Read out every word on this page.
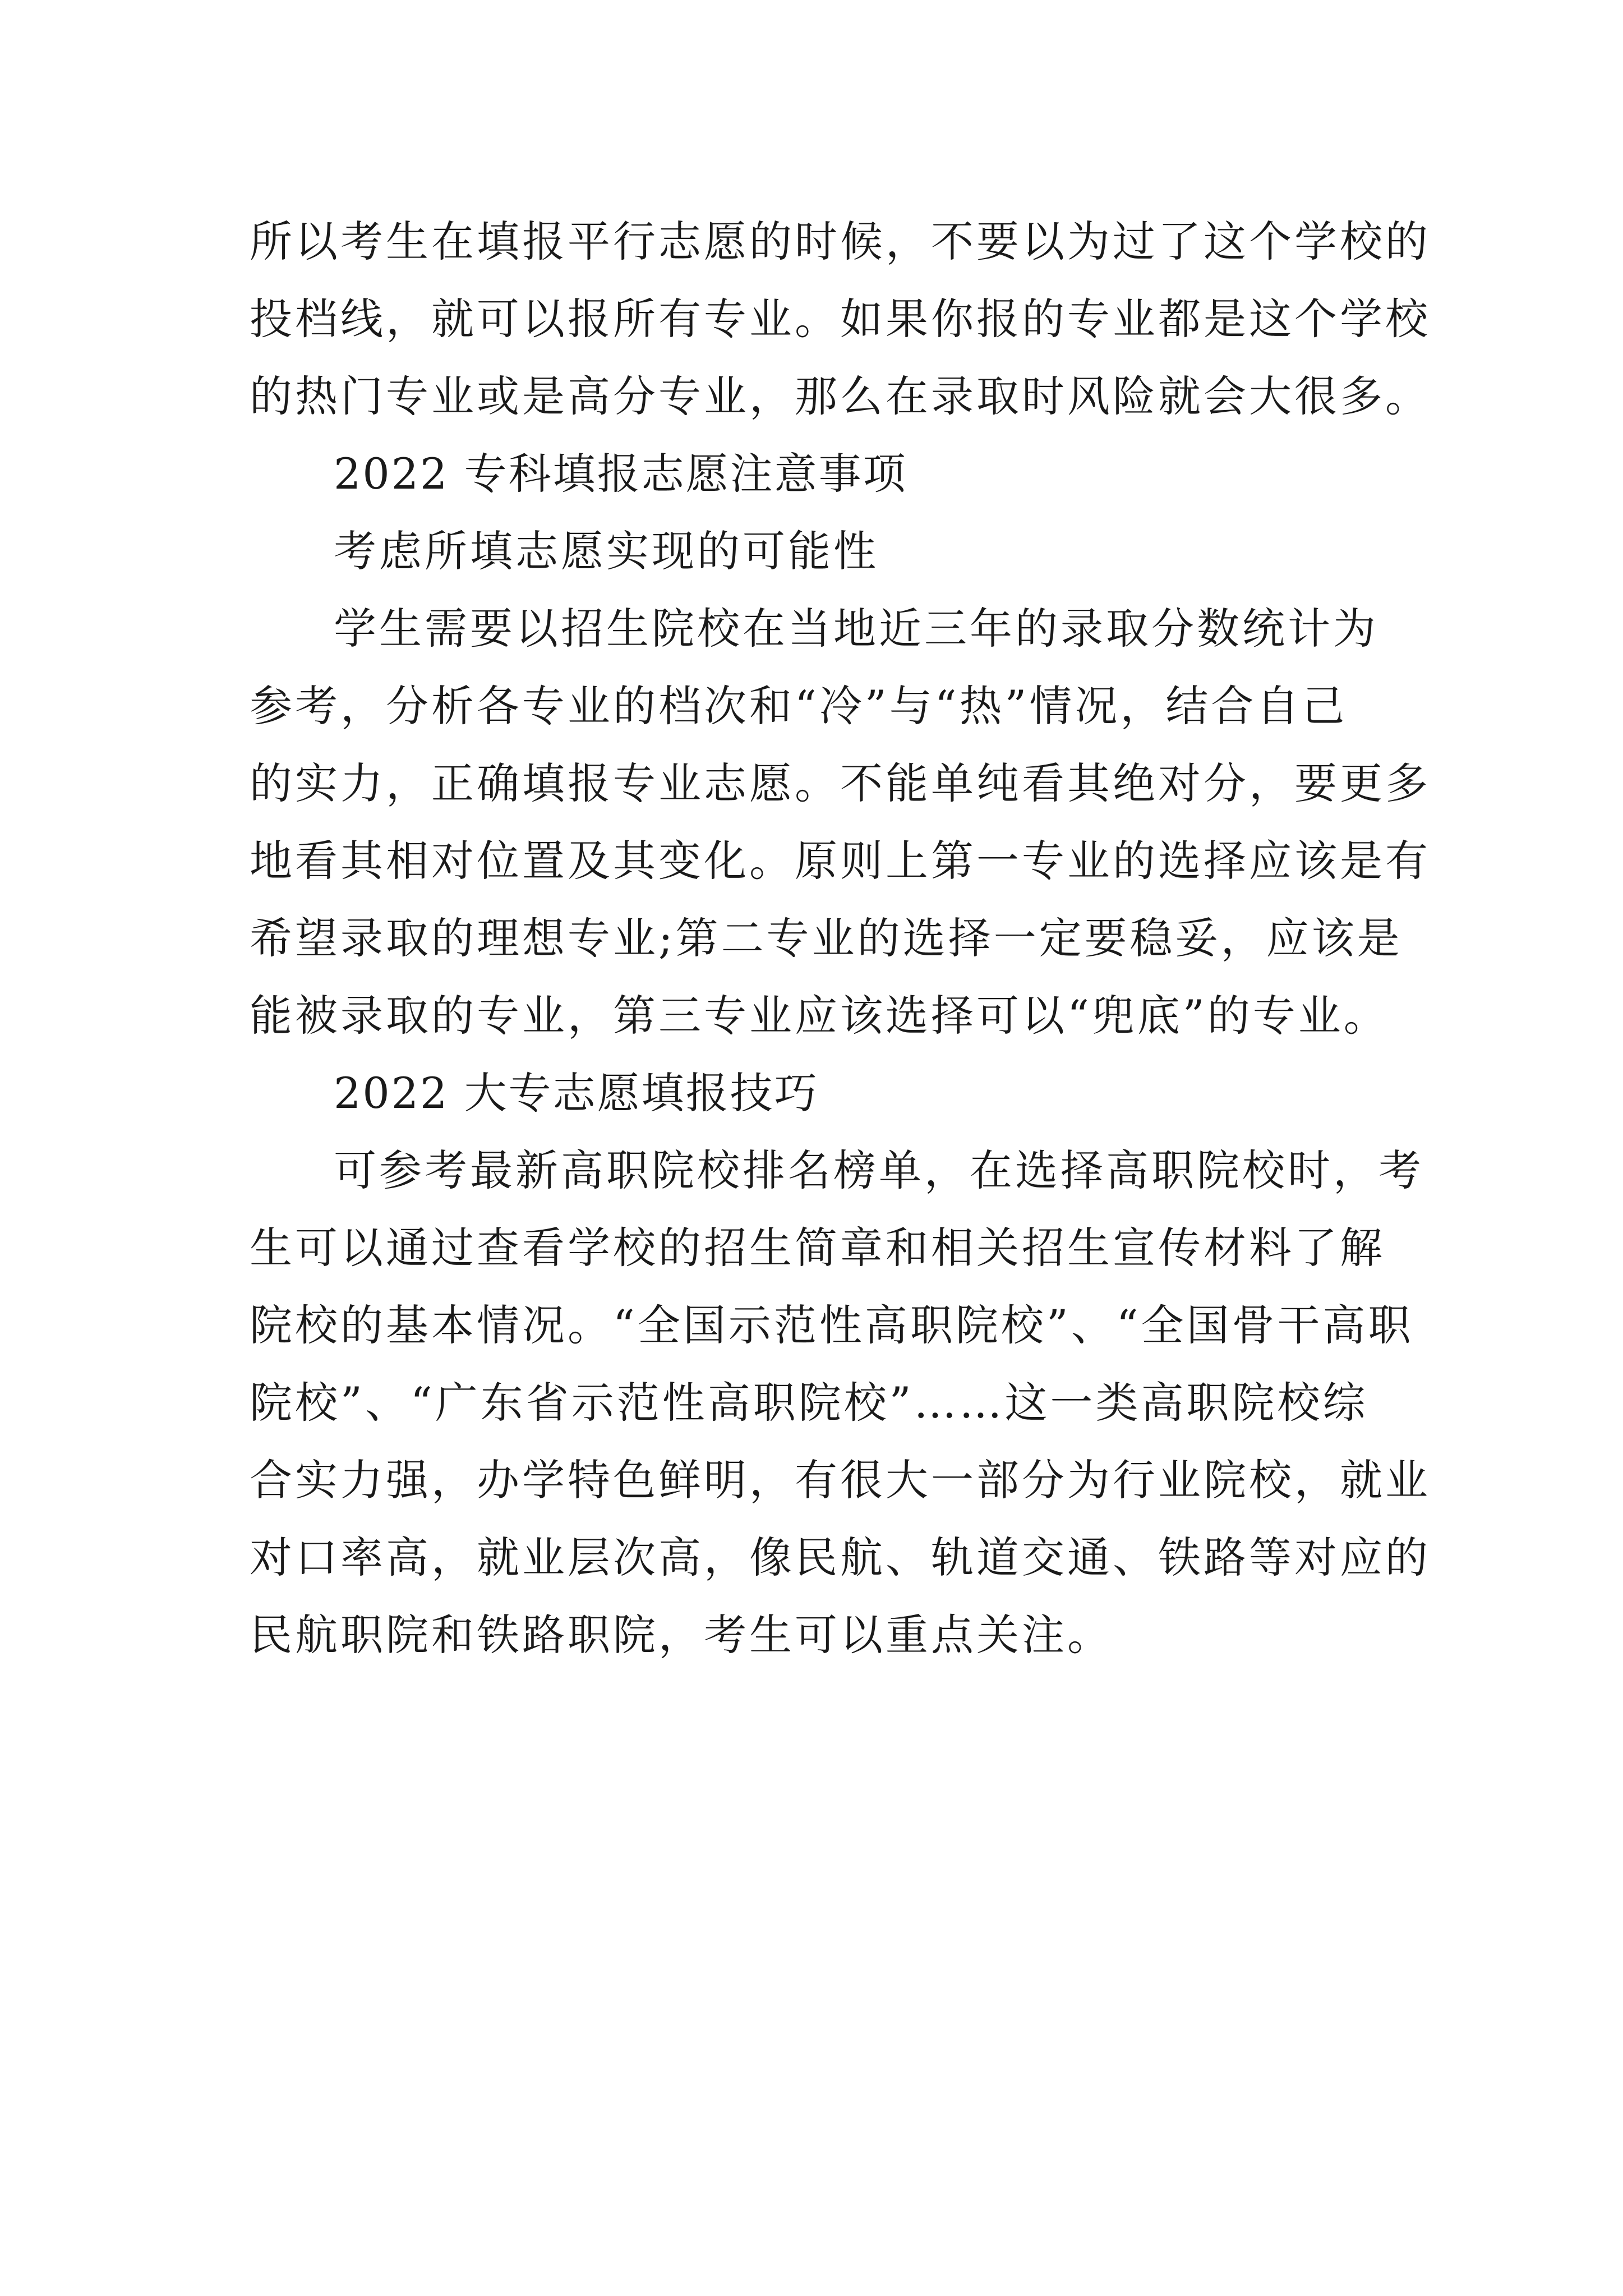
所以考生在填报平行志愿的时候，不要以为过了这个学校的
投档线，就可以报所有专业。如果你报的专业都是这个学校
的热门专业或是高分专业，那么在录取时风险就会大很多。
2022 专科填报志愿注意事项
考虑所填志愿实现的可能性
学生需要以招生院校在当地近三年的录取分数统计为
参考，分析各专业的档次和“冷”与“热”情况，结合自己
的实力，正确填报专业志愿。不能单纯看其绝对分，要更多
地看其相对位置及其变化。原则上第一专业的选择应该是有
希望录取的理想专业;第二专业的选择一定要稳妥，应该是
能被录取的专业，第三专业应该选择可以“兜底”的专业。
2022 大专志愿填报技巧
可参考最新高职院校排名榜单，在选择高职院校时，考
生可以通过查看学校的招生简章和相关招生宣传材料了解
院校的基本情况。“全国示范性高职院校”、“全国骨干高职
院校”、“广东省示范性高职院校”……这一类高职院校综
合实力强，办学特色鲜明，有很大一部分为行业院校，就业
对口率高，就业层次高，像民航、轨道交通、铁路等对应的
民航职院和铁路职院，考生可以重点关注。
